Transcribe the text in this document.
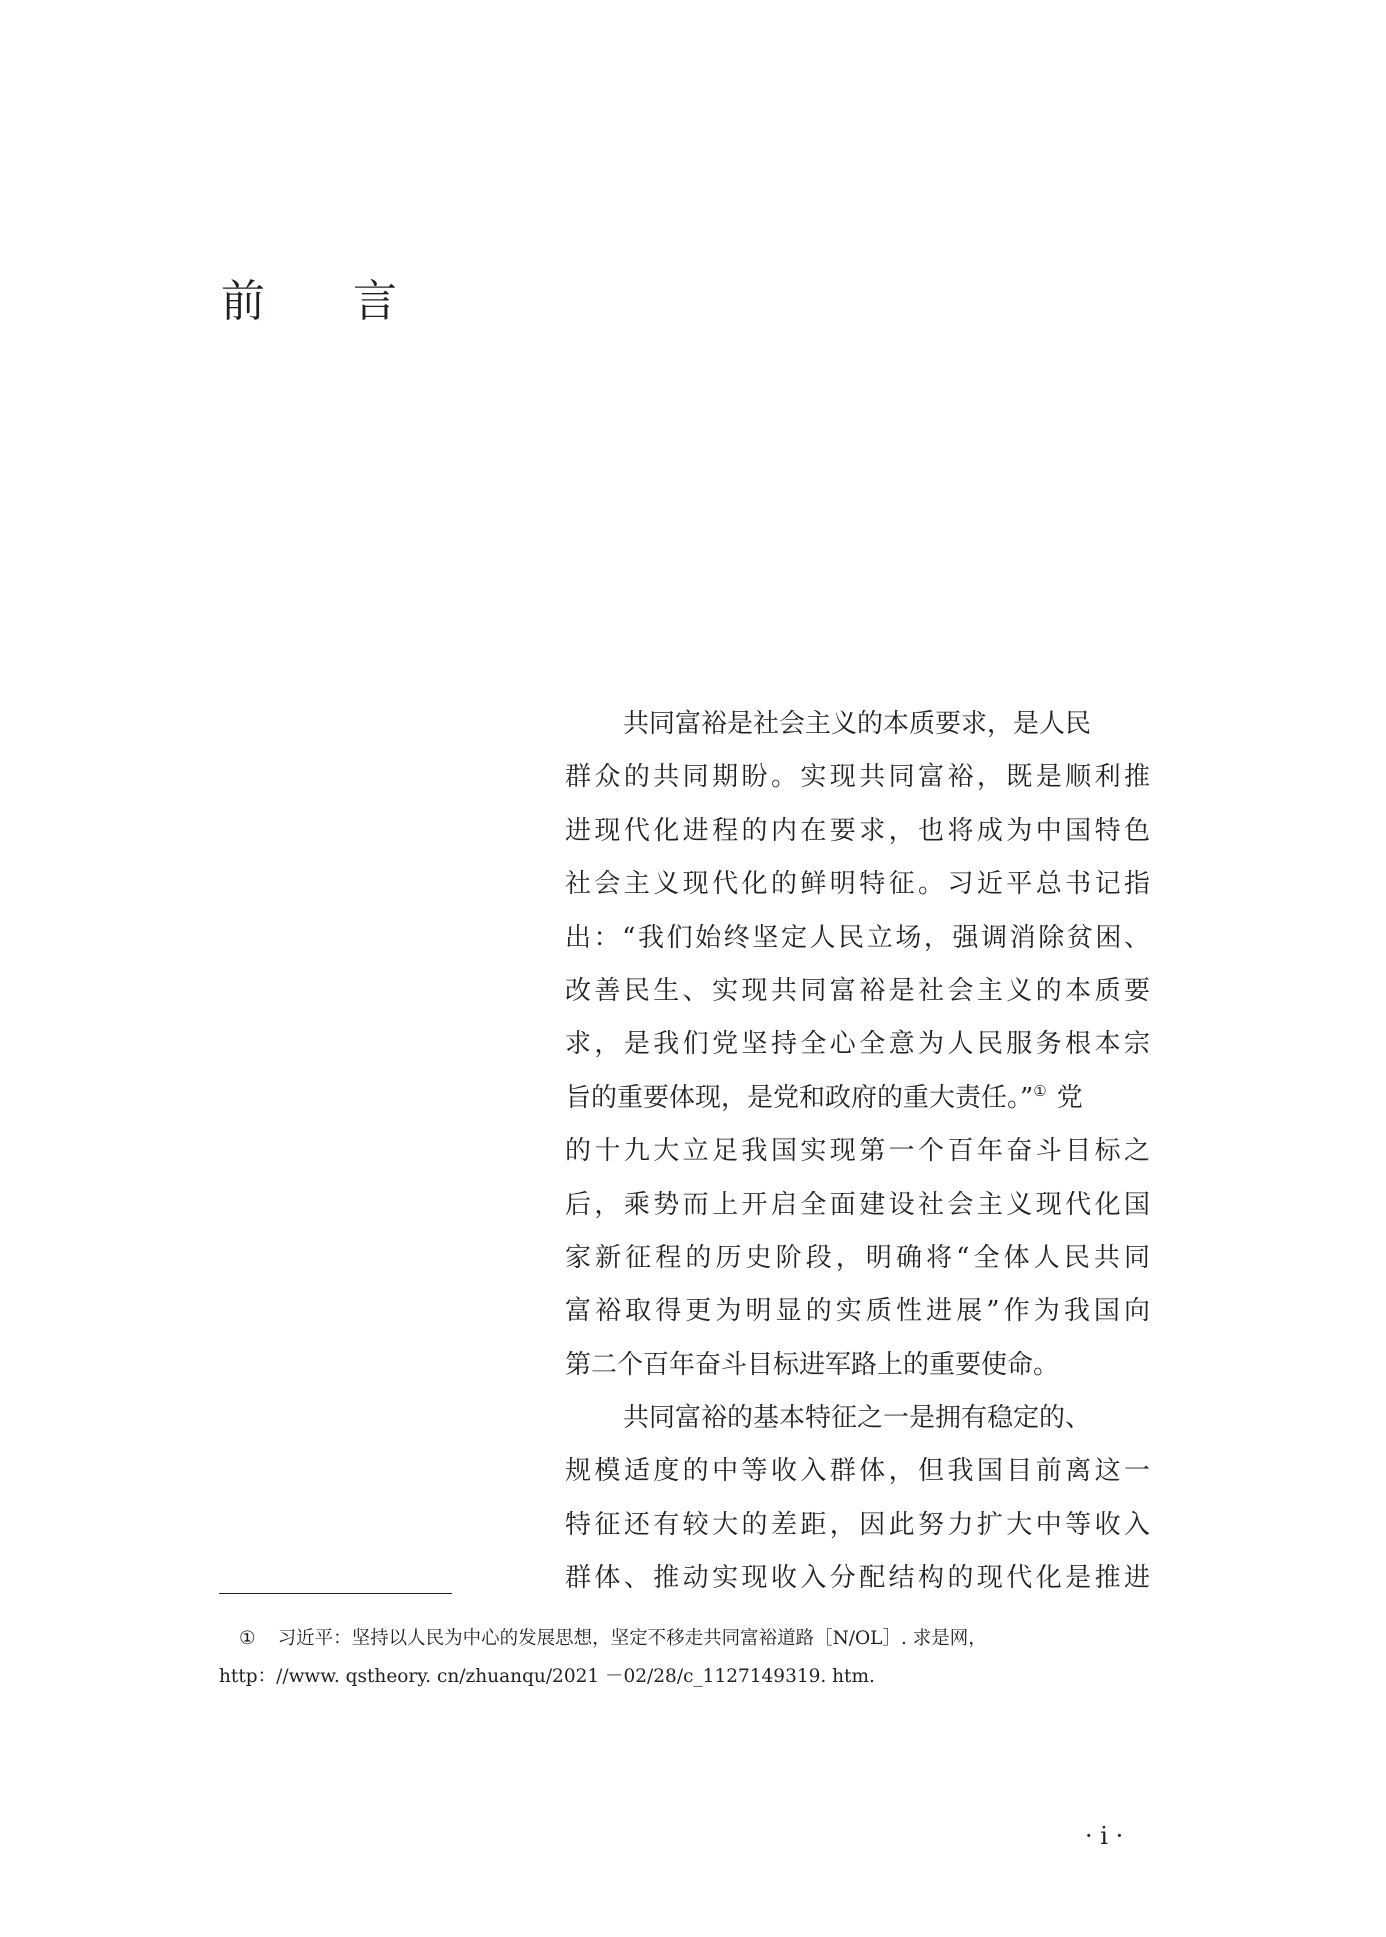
前 言
共同富裕是社会主义的本质要求，是人民
群众的共同期盼。实现共同富裕，既是顺利推
进现代化进程的内在要求，也将成为中国特色
社会主义现代化的鲜明特征。习近平总书记指
出：“我们始终坚定人民立场，强调消除贫困、
改善民生、实现共同富裕是社会主义的本质要
求，是我们党坚持全心全意为人民服务根本宗
旨的重要体现，是党和政府的重大责任。”① 党
的十九大立足我国实现第一个百年奋斗目标之
后，乘势而上开启全面建设社会主义现代化国
家新征程的历史阶段，明确将“全体人民共同
富裕取得更为明显的实质性进展”作为我国向
第二个百年奋斗目标进军路上的重要使命。
共同富裕的基本特征之一是拥有稳定的、
规模适度的中等收入群体，但我国目前离这一
特征还有较大的差距，因此努力扩大中等收入
群体、推动实现收入分配结构的现代化是推进
① 习近平：坚持以人民为中心的发展思想，坚定不移走共同富裕道路［N/OL］. 求是网，
http：//www. qstheory. cn/zhuanqu/2021 －02/28/c_1127149319. htm.
· i ·
